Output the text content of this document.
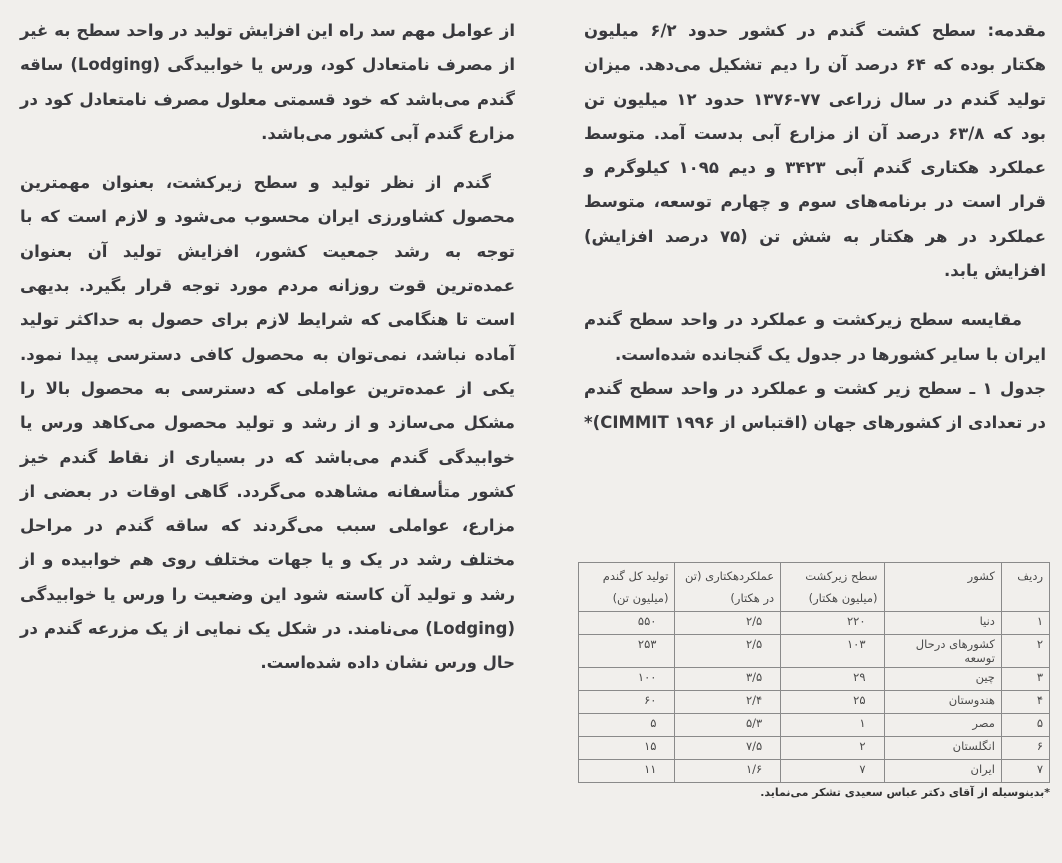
از عوامل مهم سد راه این افزایش تولید در واحد سطح به غیر از مصرف نامتعادل کود، ورس یا خوابیدگی (Lodging) ساقه گندم می‌باشد که خود قسمتی معلول مصرف نامتعادل کود در مزارع گندم آبی کشور می‌باشد.

گندم از نظر تولید و سطح زیرکشت، بعنوان مهمترین محصول کشاورزی ایران محسوب می‌شود و لازم است که با توجه به رشد جمعیت کشور، افزایش تولید آن بعنوان عمده‌ترین قوت روزانه مردم مورد توجه قرار بگیرد. بدیهی است تا هنگامی که شرایط لازم برای حصول به حداکثر تولید آماده نباشد، نمی‌توان به محصول کافی دسترسی پیدا نمود. یکی از عمده‌ترین عواملی که دسترسی به محصول بالا را مشکل می‌سازد و از رشد و تولید محصول می‌کاهد ورس یا خوابیدگی گندم می‌باشد که در بسیاری از نقاط گندم خیز کشور متأسفانه مشاهده می‌گردد. گاهی اوقات در بعضی از مزارع، عواملی سبب می‌گردند که ساقه گندم در مراحل مختلف رشد در یک و یا جهات مختلف روی هم خوابیده و از رشد و تولید آن کاسته شود این وضعیت را ورس یا خوابیدگی (Lodging) می‌نامند. در شکل یک نمایی از یک مزرعه گندم در حال ورس نشان داده شده‌است.

مقدمه: سطح کشت گندم در کشور حدود ۶/۲ میلیون هکتار بوده که ۶۴ درصد آن را دیم تشکیل می‌دهد. میزان تولید گندم در سال زراعی ۷۷-۱۳۷۶ حدود ۱۲ میلیون تن بود که ۶۳/۸ درصد آن از مزارع آبی بدست آمد. متوسط عملکرد هکتاری گندم آبی ۳۴۲۳ و دیم ۱۰۹۵ کیلوگرم و قرار است در برنامه‌های سوم و چهارم توسعه، متوسط عملکرد در هر هکتار به شش تن (۷۵ درصد افزایش) افزایش یابد.

مقایسه سطح زیرکشت و عملکرد در واحد سطح گندم ایران با سایر کشورها در جدول یک گنجانده شده‌است.

جدول ۱ ـ سطح زیر کشت و عملکرد در واحد سطح گندم در تعدادی از کشورهای جهان (اقتباس از CIMMIT ۱۹۹۶)*

ردیف	کشور	سطح زیرکشت (میلیون هکتار)	عملکردهکتاری (تن در هکتار)	تولید کل گندم (میلیون تن)
۱	دنیا	۲۲۰	۲/۵	۵۵۰
۲	کشورهای درحال توسعه	۱۰۳	۲/۵	۲۵۳
۳	چین	۲۹	۳/۵	۱۰۰
۴	هندوستان	۲۵	۲/۴	۶۰
۵	مصر	۱	۵/۳	۵
۶	انگلستان	۲	۷/۵	۱۵
۷	ایران	۷	۱/۶	۱۱
*بدینوسیله از آقای دکتر عباس سعیدی تشکر می‌نماید.
